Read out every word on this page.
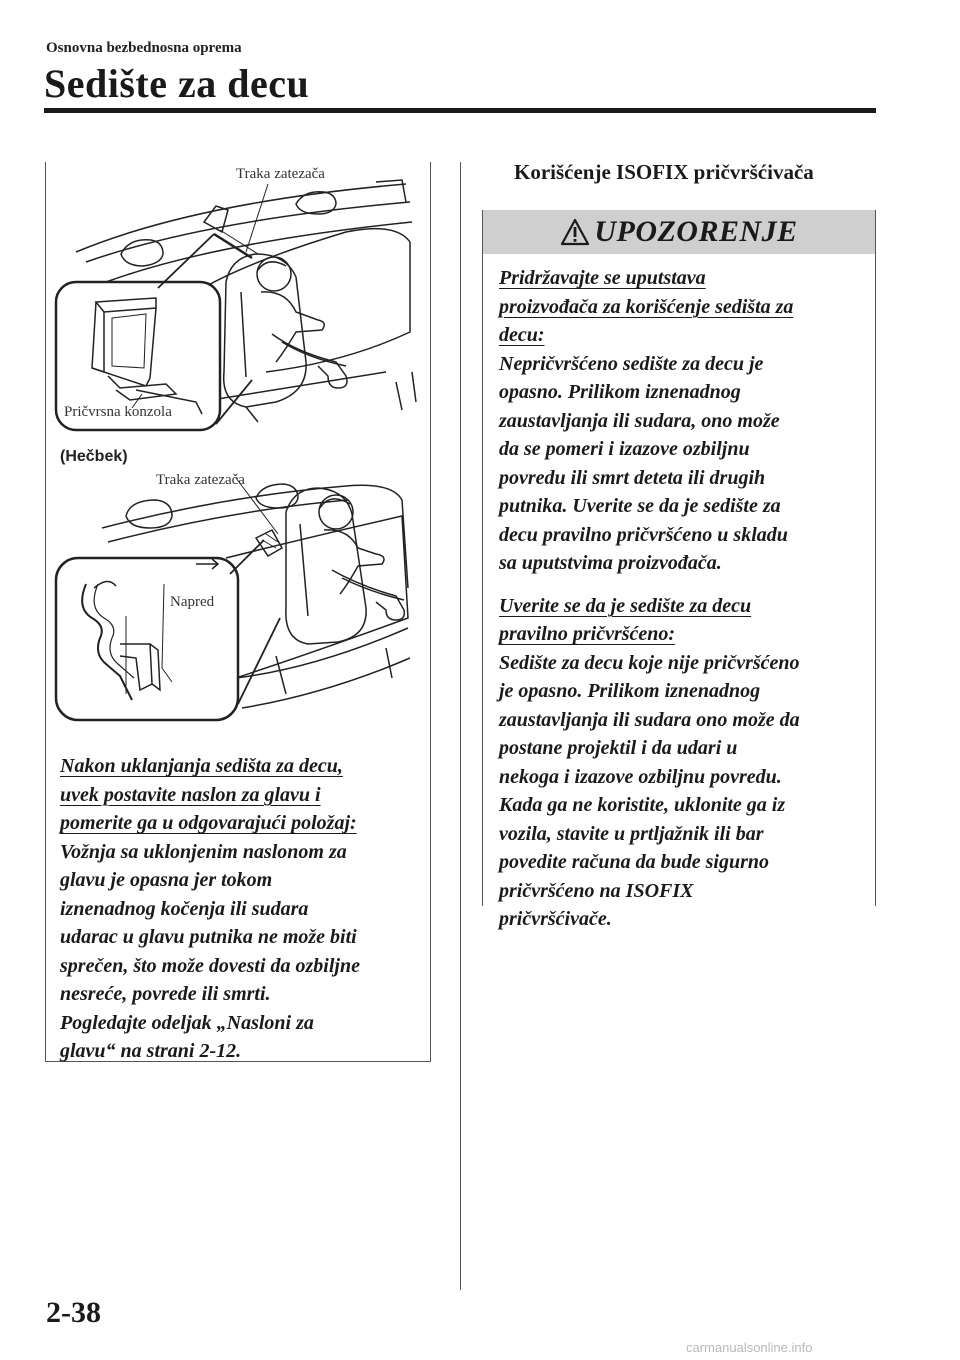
Osnovna bezbednosna oprema
Sedište za decu
Traka zatezača
Pričvrsna konzola
(Hečbek)
Traka zatezača
Napred
Nakon uklanjanja sedišta za decu,
uvek postavite naslon za glavu i
pomerite ga u odgovarajući položaj:
Vožnja sa uklonjenim naslonom za
glavu je opasna jer tokom
iznenadnog kočenja ili sudara
udarac u glavu putnika ne može biti
sprečen, što može dovesti da ozbiljne
nesreće, povrede ili smrti.
Pogledajte odeljak „Nasloni za
glavu“ na strani 2-12.
Korišćenje ISOFIX pričvršćivača
UPOZORENJE
Pridržavajte se uputstava
proizvođača za korišćenje sedišta za
decu:
Nepričvršćeno sedište za decu je
opasno. Prilikom iznenadnog
zaustavljanja ili sudara, ono može
da se pomeri i izazove ozbiljnu
povredu ili smrt deteta ili drugih
putnika. Uverite se da je sedište za
decu pravilno pričvršćeno u skladu
sa uputstvima proizvođača.
Uverite se da je sedište za decu
pravilno pričvršćeno:
Sedište za decu koje nije pričvršćeno
je opasno. Prilikom iznenadnog
zaustavljanja ili sudara ono može da
postane projektil i da udari u
nekoga i izazove ozbiljnu povredu.
Kada ga ne koristite, uklonite ga iz
vozila, stavite u prtljažnik ili bar
povedite računa da bude sigurno
pričvršćeno na ISOFIX
pričvršćivače.
2-38
carmanualsonline.info
